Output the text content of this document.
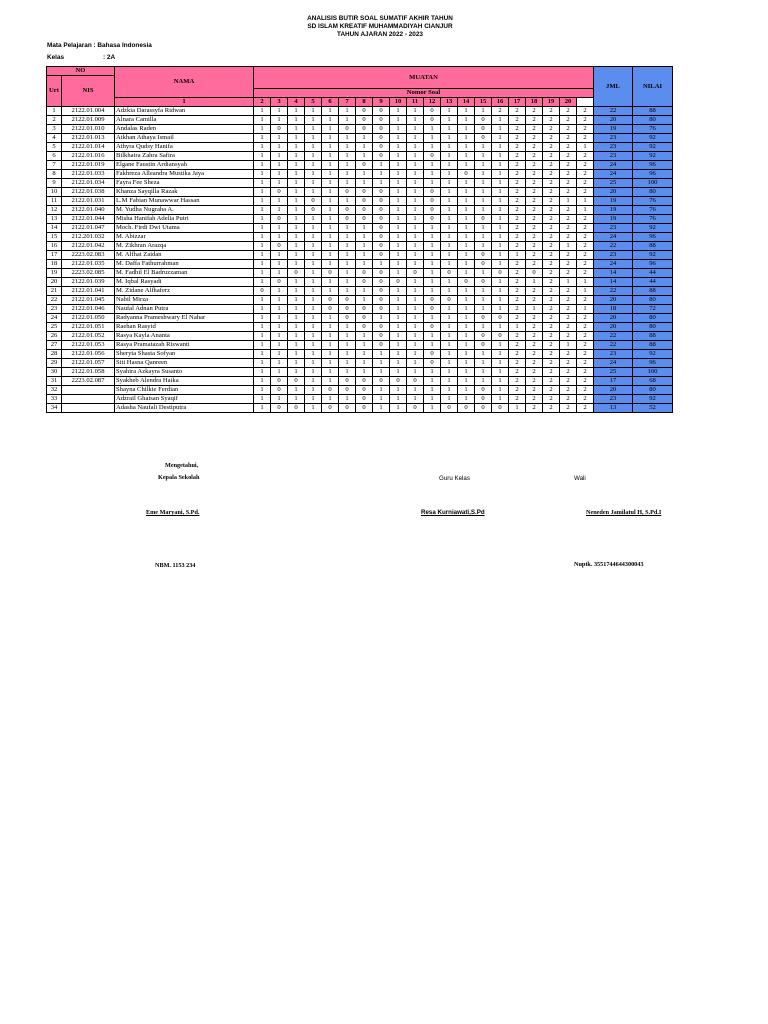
ANALISIS BUTIR SOAL SUMATIF AKHIR TAHUN
SD ISLAM KREATIF MUHAMMADIYAH CIANJUR
TAHUN AJARAN 2022 - 2023
Mata Pelajaran : Bahasa Indonesia
Kelas	: 2A
NO		NAMA	MUATAN																				JML	NILAI
Urt	NIS																							
			Nomor Soal																					
		1	2	3	4	5	6	7	8	9	10	11	12	13	14	15	16	17	18	19	20			
1	2122.01.004	Adzkia Darassyfa Ridwan	1	1	1	1	1	1	0	0	1	1	0	1	1	1	2	2	2	2	2	2	22	88
2	2122.01.009	Alnara Camilla	1	1	1	1	1	1	0	0	1	1	0	1	1	0	1	2	2	2	2	2	20	80
3	2122.01.010	Andalas Raden	1	0	1	1	1	0	0	0	1	1	1	1	1	0	1	2	2	2	2	2	19	76
4	2122.01.013	Atkhan Athaya Ismail	1	1	1	1	1	1	1	0	1	1	1	1	1	0	1	2	2	2	2	2	23	92
5	2122.01.014	Athyra Qudsy Hanifa	1	1	1	1	1	1	1	0	1	1	1	1	1	1	1	2	2	2	2	1	23	92
6	2122.01.016	Bilkhaira Zahra Safira	1	1	1	1	1	1	1	0	1	1	0	1	1	1	1	2	2	2	2	2	23	92
7	2122.01.019	Elgane Faustin Ardiansyah	1	1	1	1	1	1	0	1	1	1	1	1	1	1	1	2	2	2	2	2	24	96
8	2122.01.033	Fakhreza Alleandra Mustika Jaya	1	1	1	1	1	1	1	1	1	1	1	1	0	1	1	2	2	2	2	2	24	96
9	2122.01.034	Fayra Fee Sheza	1	1	1	1	1	1	1	1	1	1	1	1	1	1	1	2	2	2	2	2	25	100
10	2122.01.038	Khanza Sayqilla Razak	1	0	1	1	1	0	0	0	1	1	0	1	1	1	1	2	2	2	2	2	20	80
11	2122.01.031	L.M Fabian Munawwar Hassan	1	1	1	0	1	1	0	0	1	1	0	1	1	1	1	2	2	2	1	1	19	76
12	2122.01.040	M. Yudha Nugraha A.	1	1	1	0	1	0	0	0	1	1	0	1	1	1	1	2	2	2	2	1	19	76
13	2122.01.044	Misha Hanifah Adelia Putri	1	0	1	1	1	0	0	0	1	1	0	1	1	0	1	2	2	2	2	2	19	76
14	2122.01.047	Moch. Firdi Dwi Utama	1	1	1	1	1	1	1	0	1	1	1	1	1	1	1	2	2	2	2	2	23	92
15	212.201.032	M. Abizzar	1	1	1	1	1	1	1	0	1	1	1	1	1	1	1	2	2	2	2	2	24	96
16	2122.01.042	M. Zikhran Arazqa	1	0	1	1	1	1	1	0	1	1	1	1	1	1	1	2	2	2	1	2	22	88
17	2223.02.083	M. Alfhat Zaidan	1	1	1	1	1	1	1	0	1	1	1	1	1	0	1	1	2	2	2	2	23	92
18	2122.01.035	M. Daffa Fathurrahman	1	1	1	1	1	1	1	1	1	1	1	1	1	0	1	2	2	2	2	2	24	96
19	2223.02.085	M. Fadhil El Badruzzaman	1	1	0	1	0	1	0	0	1	0	1	0	1	1	0	2	0	2	2	2	14	44
20	2122.01.039	M. Iqbal Rasyadi	1	0	1	1	1	1	0	0	0	1	1	1	0	0	1	2	1	2	1	1	14	44
21	2122.01.041	M. Zidane Alfhaferz	0	1	1	1	1	1	1	0	1	1	1	1	1	1	1	2	2	2	2	1	22	88
22	2122.01.045	Nabil Mirza	1	1	1	1	0	0	1	0	1	1	0	0	1	1	1	2	2	2	2	2	20	80
23	2122.01.046	Naufal Adnan Putra	1	1	1	1	0	0	0	0	1	1	0	1	1	1	1	2	1	2	2	1	18	72
24	2122.01.050	Radyanna Prameshwary El Nahar	1	1	1	1	1	0	0	1	1	1	1	1	1	0	0	2	2	2	2	2	20	80
25	2122.01.051	Raehan Rasyid	1	1	1	1	1	1	0	0	1	1	0	1	1	1	1	1	2	2	2	2	20	80
26	2122.01.052	Rasya Kayla Ananta	1	1	1	1	1	1	1	0	1	1	1	1	1	0	0	2	2	2	2	2	22	88
27	2122.01.053	Rasya Pramatazah Riswanti	1	1	1	1	1	1	1	0	1	1	1	1	1	0	1	2	2	2	1	2	22	88
28	2122.01.056	Sheryta Shasta Sofyan	1	1	1	1	1	1	1	1	1	1	0	1	1	1	1	2	2	2	2	2	23	92
29	2122.01.057	Siti Hasna Qanreen	1	1	1	1	1	1	1	1	1	1	0	1	1	1	1	2	2	2	2	2	24	96
30	2122.01.058	Syahira Azkayra Susanto	1	1	1	1	1	1	1	1	1	1	1	1	1	1	1	2	2	2	2	2	25	100
31	2223.02.087	Syakheb Alendra Haika	1	0	0	1	1	0	0	0	0	0	1	1	1	1	1	2	2	2	2	2	17	68
32		Shayna Chilkie Ferdian	1	0	1	1	0	0	0	1	1	1	1	1	1	0	1	2	2	2	2	2	20	80
33		Adzrail Ghaisan Syaqif	1	1	1	1	1	1	0	1	1	1	1	1	1	0	1	2	2	2	2	2	23	92
34		Adasha Naufali Destiputra	1	0	0	1	0	0	0	1	1	0	1	0	0	0	0	1	2	2	2	2	13	52
Mengetahui,
Kepala Sekolah	Guru Kelas	Wali
Eme Maryani, S.Pd.	Resa Kurniawati,S.Pd	Neneden Jamilatul H, S.Pd.I
NBM. 1153 234	Nuptk. 3551744644300043
